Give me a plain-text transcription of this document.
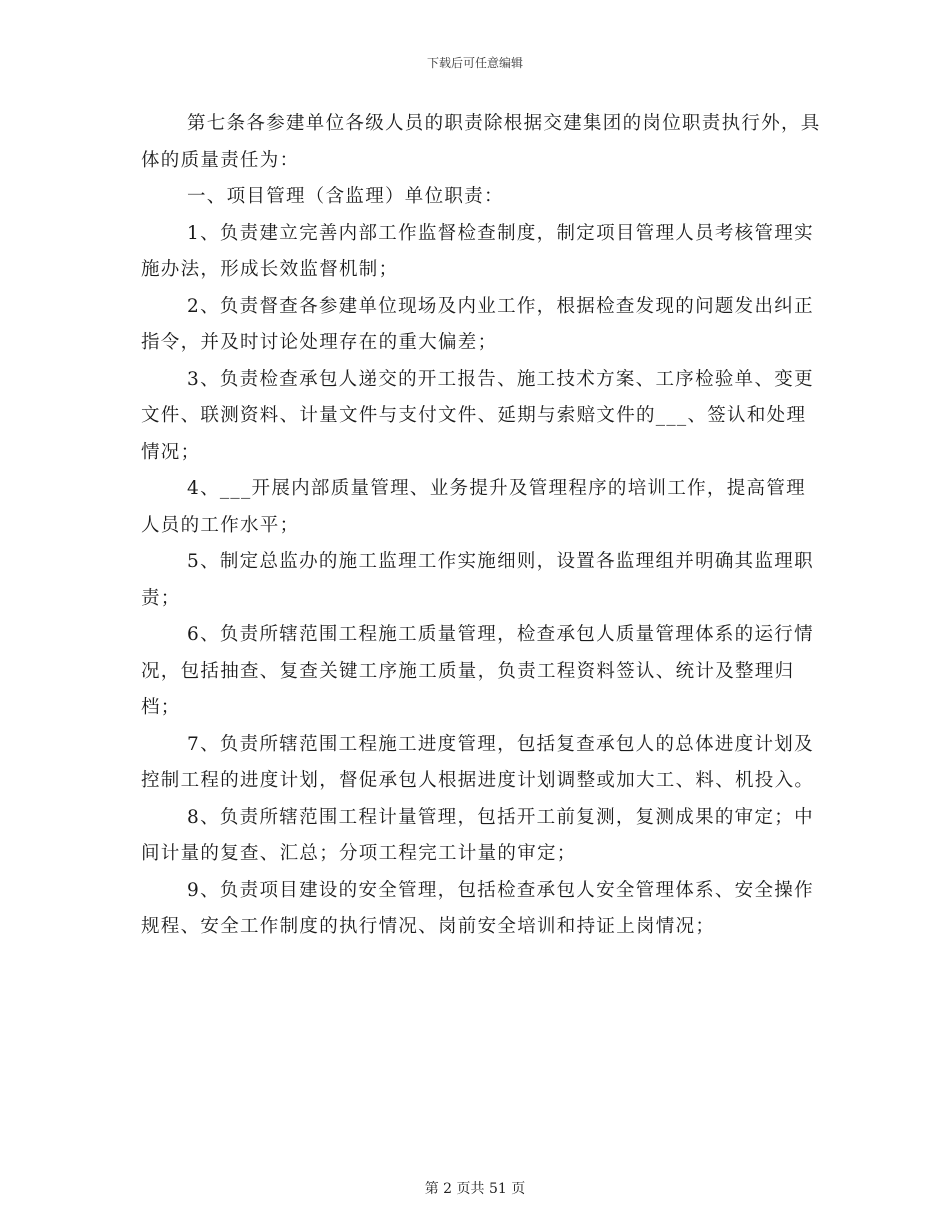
下载后可任意编辑

第七条各参建单位各级人员的职责除根据交建集团的岗位职责执行外，具体的质量责任为：

一、项目管理（含监理）单位职责：

1、负责建立完善内部工作监督检查制度，制定项目管理人员考核管理实施办法，形成长效监督机制；

2、负责督查各参建单位现场及内业工作，根据检查发现的问题发出纠正指令，并及时讨论处理存在的重大偏差；

3、负责检查承包人递交的开工报告、施工技术方案、工序检验单、变更文件、联测资料、计量文件与支付文件、延期与索赔文件的___、签认和处理情况；

4、___开展内部质量管理、业务提升及管理程序的培训工作，提高管理人员的工作水平；

5、制定总监办的施工监理工作实施细则，设置各监理组并明确其监理职责；

6、负责所辖范围工程施工质量管理，检查承包人质量管理体系的运行情况，包括抽查、复查关键工序施工质量，负责工程资料签认、统计及整理归档；

7、负责所辖范围工程施工进度管理，包括复查承包人的总体进度计划及控制工程的进度计划，督促承包人根据进度计划调整或加大工、料、机投入。

8、负责所辖范围工程计量管理，包括开工前复测，复测成果的审定；中间计量的复查、汇总；分项工程完工计量的审定；

9、负责项目建设的安全管理，包括检查承包人安全管理体系、安全操作规程、安全工作制度的执行情况、岗前安全培训和持证上岗情况；

第 2 页共 51 页
